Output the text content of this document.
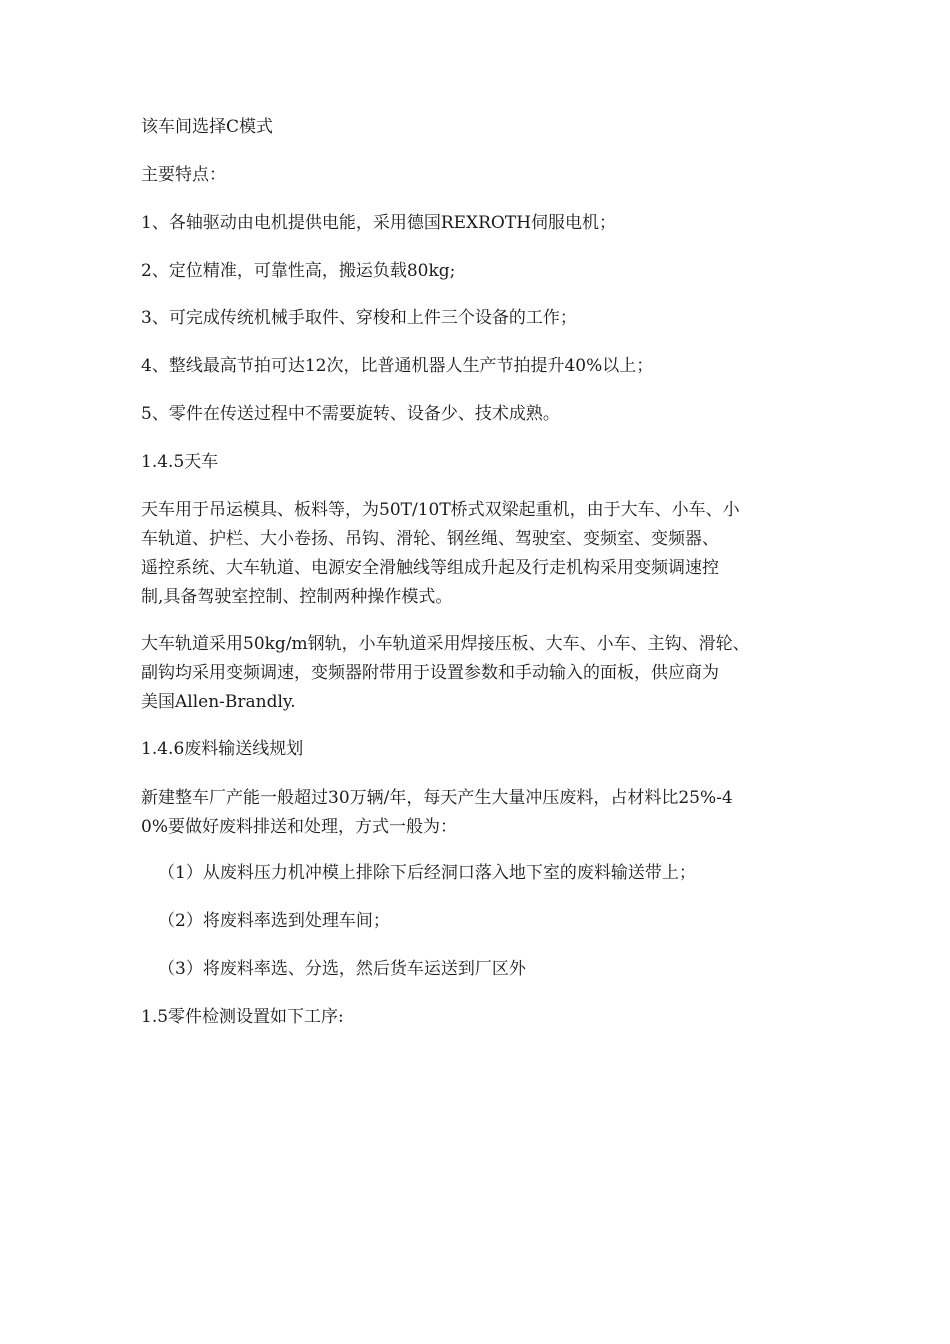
该车间选择C模式
主要特点：
1、各轴驱动由电机提供电能，采用德国REXROTH伺服电机；
2、定位精准，可靠性高，搬运负载80kg;
3、可完成传统机械手取件、穿梭和上件三个设备的工作；
4、整线最高节拍可达12次，比普通机器人生产节拍提升40%以上；
5、零件在传送过程中不需要旋转、设备少、技术成熟。
1.4.5天车
天车用于吊运模具、板料等，为50T/10T桥式双梁起重机，由于大车、小车、小
车轨道、护栏、大小卷扬、吊钩、滑轮、钢丝绳、驾驶室、变频室、变频器、
遥控系统、大车轨道、电源安全滑触线等组成升起及行走机构采用变频调速控
制,具备驾驶室控制、控制两种操作模式。
大车轨道采用50kg/m钢轨，小车轨道采用焊接压板、大车、小车、主钩、滑轮、
副钩均采用变频调速，变频器附带用于设置参数和手动输入的面板，供应商为
美国Allen-Brandly.
1.4.6废料输送线规划
新建整车厂产能一般超过30万辆/年，每天产生大量冲压废料，占材料比25%-4
0%要做好废料排送和处理，方式一般为：
（1）从废料压力机冲模上排除下后经洞口落入地下室的废料输送带上；
（2）将废料率选到处理车间；
（3）将废料率选、分选，然后货车运送到厂区外
1.5零件检测设置如下工序:
